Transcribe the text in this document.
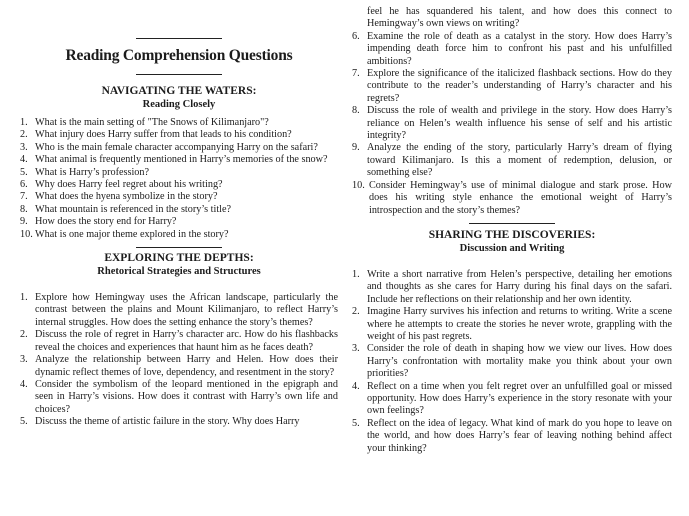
Reading Comprehension Questions
NAVIGATING THE WATERS:
Reading Closely
1. What is the main setting of "The Snows of Kilimanjaro"?
2. What injury does Harry suffer from that leads to his condition?
3. Who is the main female character accompanying Harry on the safari?
4. What animal is frequently mentioned in Harry’s memories of the snow?
5. What is Harry’s profession?
6. Why does Harry feel regret about his writing?
7. What does the hyena symbolize in the story?
8. What mountain is referenced in the story’s title?
9. How does the story end for Harry?
10. What is one major theme explored in the story?
EXPLORING THE DEPTHS:
Rhetorical Strategies and Structures
1. Explore how Hemingway uses the African landscape, particularly the contrast between the plains and Mount Kilimanjaro, to reflect Harry’s internal struggles. How does the setting enhance the story’s themes?
2. Discuss the role of regret in Harry’s character arc. How do his flashbacks reveal the choices and experiences that haunt him as he faces death?
3. Analyze the relationship between Harry and Helen. How does their dynamic reflect themes of love, dependency, and resentment in the story?
4. Consider the symbolism of the leopard mentioned in the epigraph and seen in Harry’s visions. How does it contrast with Harry’s own life and choices?
5. Discuss the theme of artistic failure in the story. Why does Harry
feel he has squandered his talent, and how does this connect to Hemingway’s own views on writing?
6. Examine the role of death as a catalyst in the story. How does Harry’s impending death force him to confront his past and his unfulfilled ambitions?
7. Explore the significance of the italicized flashback sections. How do they contribute to the reader’s understanding of Harry’s character and his regrets?
8. Discuss the role of wealth and privilege in the story. How does Harry’s reliance on Helen’s wealth influence his sense of self and his artistic integrity?
9. Analyze the ending of the story, particularly Harry’s dream of flying toward Kilimanjaro. Is this a moment of redemption, delusion, or something else?
10. Consider Hemingway’s use of minimal dialogue and stark prose. How does his writing style enhance the emotional weight of Harry’s introspection and the story’s themes?
SHARING THE DISCOVERIES:
Discussion and Writing
1. Write a short narrative from Helen’s perspective, detailing her emotions and thoughts as she cares for Harry during his final days on the safari. Include her reflections on their relationship and her own identity.
2. Imagine Harry survives his infection and returns to writing. Write a scene where he attempts to create the stories he never wrote, grappling with the weight of his past regrets.
3. Consider the role of death in shaping how we view our lives. How does Harry’s confrontation with mortality make you think about your own priorities?
4. Reflect on a time when you felt regret over an unfulfilled goal or missed opportunity. How does Harry’s experience in the story resonate with your own feelings?
5. Reflect on the idea of legacy. What kind of mark do you hope to leave on the world, and how does Harry’s fear of leaving nothing behind affect your thinking?
